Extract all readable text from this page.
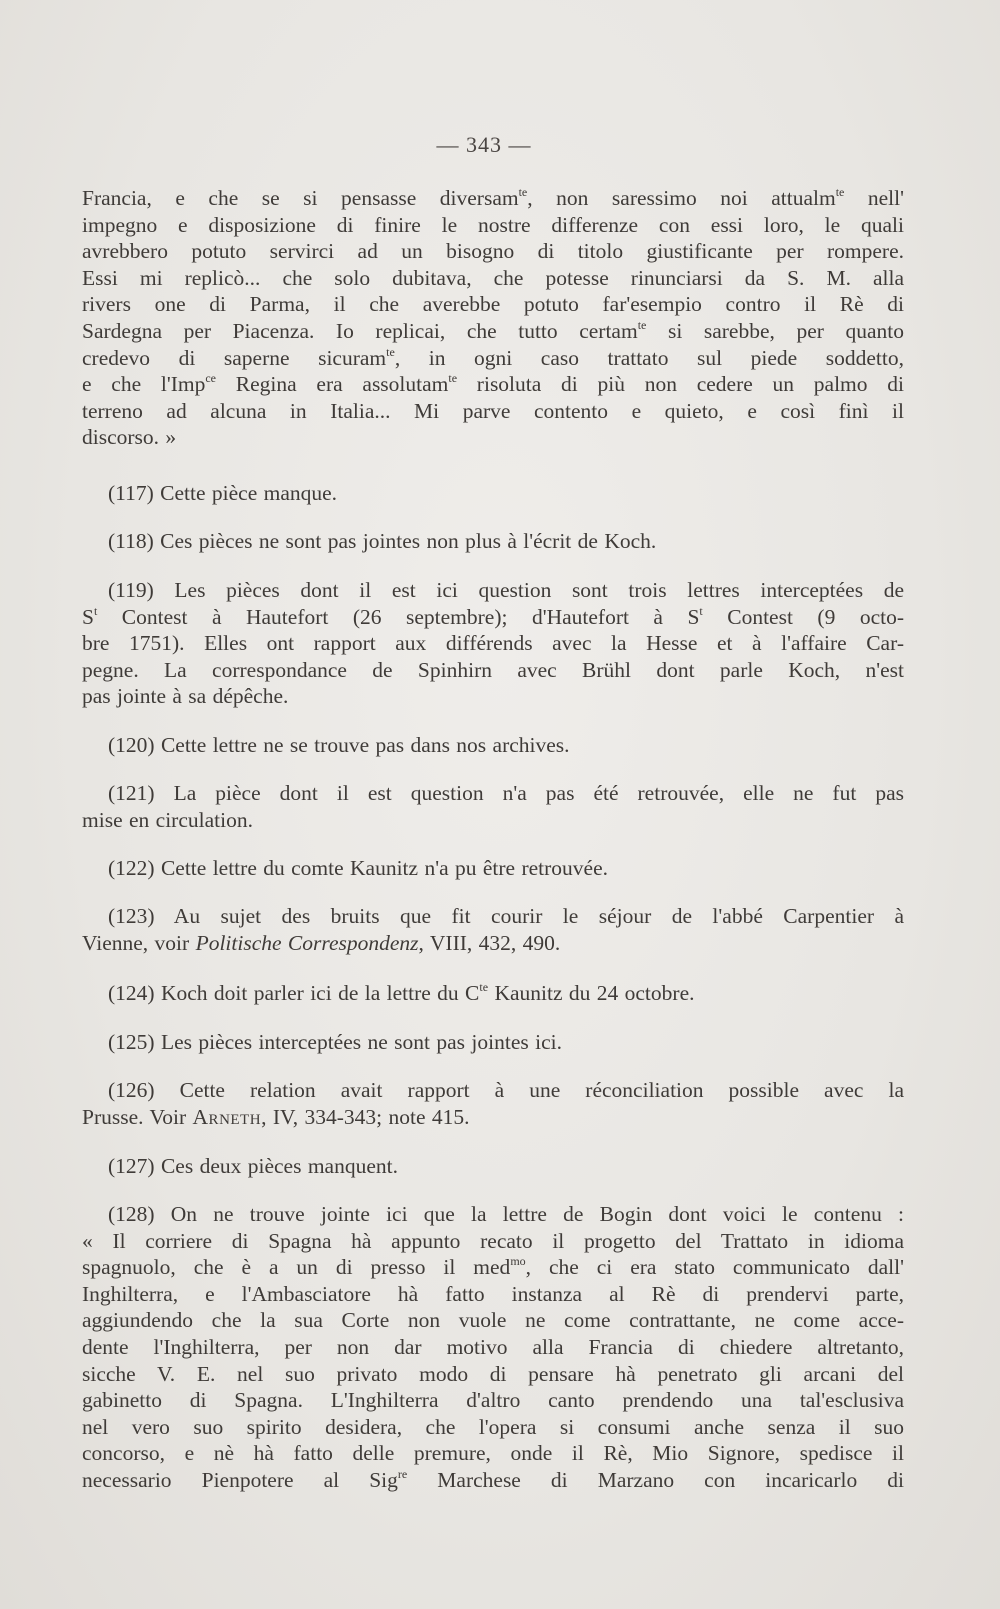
— 343 —
Francia, e che se si pensasse diversam$^{te}$, non saressimo noi attualm$^{te}$ nell'
impegno e disposizione di finire le nostre differenze con essi loro, le quali
avrebbero potuto servirci ad un bisogno di titolo giustificante per rompere.
Essi mi replicò... che solo dubitava, che potesse rinunciarsi da S. M. alla
rivers one di Parma, il che averebbe potuto far'esempio contro il Rè di
Sardegna per Piacenza. Io replicai, che tutto certam$^{te}$ si sarebbe, per quanto
credevo di saperne sicuram$^{te}$, in ogni caso trattato sul piede soddetto,
e che l'Imp$^{ce}$ Regina era assolutam$^{te}$ risoluta di più non cedere un palmo di
terreno ad alcuna in Italia... Mi parve contento e quieto, e così finì il
discorso. »
(117) Cette pièce manque.
(118) Ces pièces ne sont pas jointes non plus à l'écrit de Koch.
(119) Les pièces dont il est ici question sont trois lettres interceptées de
$S^t$ Contest à Hautefort (26 septembre); d'Hautefort à $S^t$ Contest (9 octo-
bre 1751). Elles ont rapport aux différends avec la Hesse et à l'affaire Car-
pegne. La correspondance de Spinhirn avec Brühl dont parle Koch, n'est
pas jointe à sa dépêche.
(120) Cette lettre ne se trouve pas dans nos archives.
(121) La pièce dont il est question n'a pas été retrouvée, elle ne fut pas
mise en circulation.
(122) Cette lettre du comte Kaunitz n'a pu être retrouvée.
(123) Au sujet des bruits que fit courir le séjour de l'abbé Carpentier à
Vienne, voir Politische Correspondenz, VIII, 432, 490.
(124) Koch doit parler ici de la lettre du $C^{te}$ Kaunitz du 24 octobre.
(125) Les pièces interceptées ne sont pas jointes ici.
(126) Cette relation avait rapport à une réconciliation possible avec la
Prusse. Voir Arneth, IV, 334-343; note 415.
(127) Ces deux pièces manquent.
(128) On ne trouve jointe ici que la lettre de Bogin dont voici le contenu :
« Il corriere di Spagna hà appunto recato il progetto del Trattato in idioma
spagnuolo, che è a un di presso il med$^{mo}$, che ci era stato communicato dall'
Inghilterra, e l'Ambasciatore hà fatto instanza al Rè di prendervi parte,
aggiundendo che la sua Corte non vuole ne come contrattante, ne come acce-
dente l'Inghilterra, per non dar motivo alla Francia di chiedere altretanto,
sicche V. E. nel suo privato modo di pensare hà penetrato gli arcani del
gabinetto di Spagna. L'Inghilterra d'altro canto prendendo una tal'esclusiva
nel vero suo spirito desidera, che l'opera si consumi anche senza il suo
concorso, e nè hà fatto delle premure, onde il Rè, Mio Signore, spedisce il
necessario Pienpotere al Sig$^{re}$ Marchese di Marzano con incaricarlo di
